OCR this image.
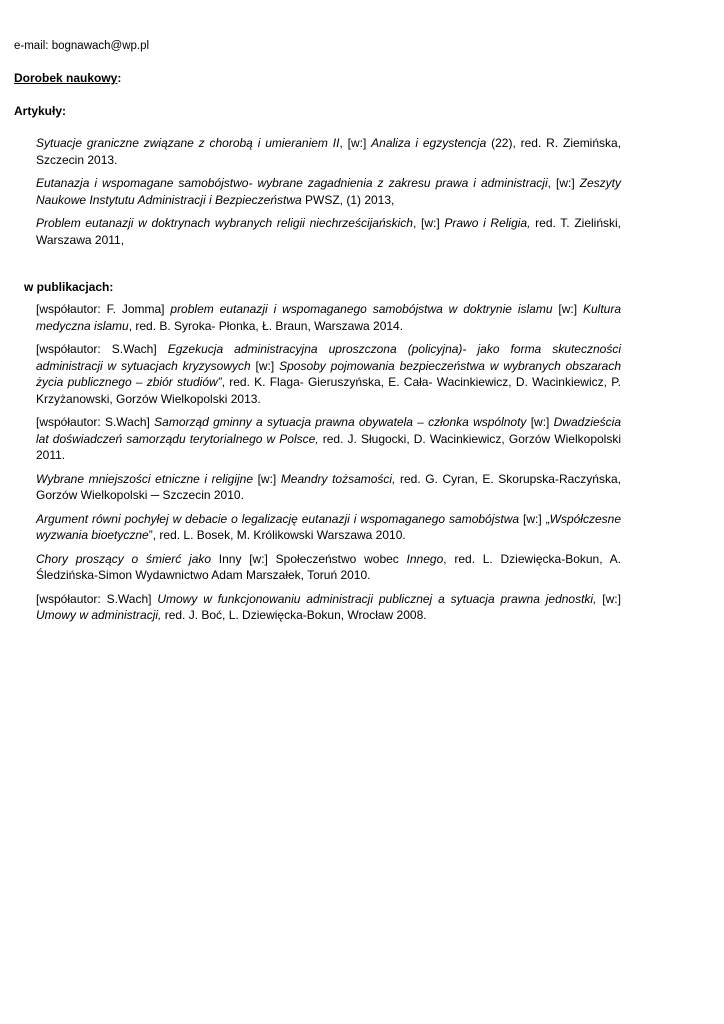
e-mail: bognawach@wp.pl
Dorobek naukowy:
Artykuły:

Sytuacje graniczne związane z chorobą i umieraniem II, [w:] Analiza i egzystencja (22), red. R. Ziemińska, Szczecin 2013.

Eutanazja i wspomagane samobójstwo- wybrane zagadnienia z zakresu prawa i administracji, [w:] Zeszyty Naukowe Instytutu Administracji i Bezpieczeństwa PWSZ, (1) 2013,

Problem eutanazji w doktrynach wybranych religii niechrześcijańskich, [w:] Prawo i Religia, red. T. Zieliński, Warszawa 2011,

w publikacjach:

[współautor: F. Jomma] problem eutanazji i wspomaganego samobójstwa w doktrynie islamu [w:] Kultura medyczna islamu, red. B. Syroka- Płonka, Ł. Braun, Warszawa 2014.

[współautor: S.Wach] Egzekucja administracyjna uproszczona (policyjna)- jako forma skuteczności administracji w sytuacjach kryzysowych [w:] Sposoby pojmowania bezpieczeństwa w wybranych obszarach życia publicznego – zbiór studiów”, red. K. Flaga- Gieruszyńska, E. Cała- Wacinkiewicz, D. Wacinkiewicz, P. Krzyżanowski, Gorzów Wielkopolski 2013.

[współautor: S.Wach] Samorząd gminny a sytuacja prawna obywatela – członka wspólnoty [w:] Dwadzieścia lat doświadczeń samorządu terytorialnego w Polsce, red. J. Sługocki, D. Wacinkiewicz, Gorzów Wielkopolski 2011.

Wybrane mniejszości etniczne i religijne [w:] Meandry tożsamości, red. G. Cyran, E. Skorupska-Raczyńska, Gorzów Wielkopolski ─ Szczecin 2010.

Argument równi pochyłej w debacie o legalizację eutanazji i wspomaganego samobójstwa [w:] „Współczesne wyzwania bioetyczne”, red. L. Bosek, M. Królikowski Warszawa 2010.

Chory proszący o śmierć jako Inny [w:] Społeczeństwo wobec Innego, red. L. Dziewięcka-Bokun, A. Śledzińska-Simon Wydawnictwo Adam Marszałek, Toruń 2010.

[współautor: S.Wach] Umowy w funkcjonowaniu administracji publicznej a sytuacja prawna jednostki, [w:] Umowy w administracji, red. J. Boć, L. Dziewięcka-Bokun, Wrocław 2008.
